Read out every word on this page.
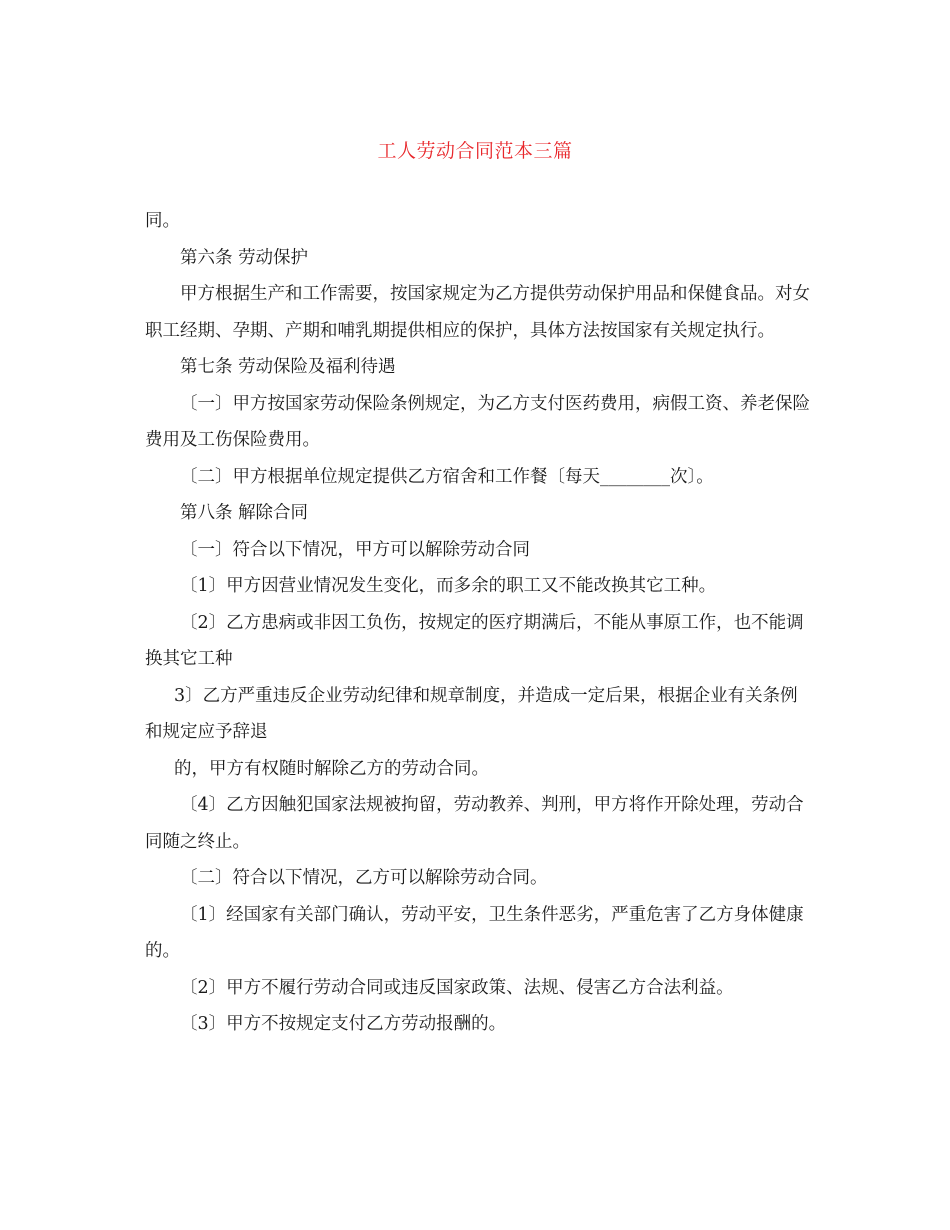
工人劳动合同范本三篇

同。

第六条 劳动保护

甲方根据生产和工作需要，按国家规定为乙方提供劳动保护用品和保健食品。对女职工经期、孕期、产期和哺乳期提供相应的保护，具体方法按国家有关规定执行。

第七条 劳动保险及福利待遇

〔一〕甲方按国家劳动保险条例规定，为乙方支付医药费用，病假工资、养老保险费用及工伤保险费用。

〔二〕甲方根据单位规定提供乙方宿舍和工作餐〔每天________次〕。

第八条 解除合同

〔一〕符合以下情况，甲方可以解除劳动合同

〔1〕甲方因营业情况发生变化，而多余的职工又不能改换其它工种。

〔2〕乙方患病或非因工负伤，按规定的医疗期满后，不能从事原工作，也不能调换其它工种

3〕乙方严重违反企业劳动纪律和规章制度，并造成一定后果，根据企业有关条例和规定应予辞退

的，甲方有权随时解除乙方的劳动合同。

〔4〕乙方因触犯国家法规被拘留，劳动教养、判刑，甲方将作开除处理，劳动合同随之终止。

〔二〕符合以下情况，乙方可以解除劳动合同。

〔1〕经国家有关部门确认，劳动平安，卫生条件恶劣，严重危害了乙方身体健康的。

〔2〕甲方不履行劳动合同或违反国家政策、法规、侵害乙方合法利益。

〔3〕甲方不按规定支付乙方劳动报酬的。
